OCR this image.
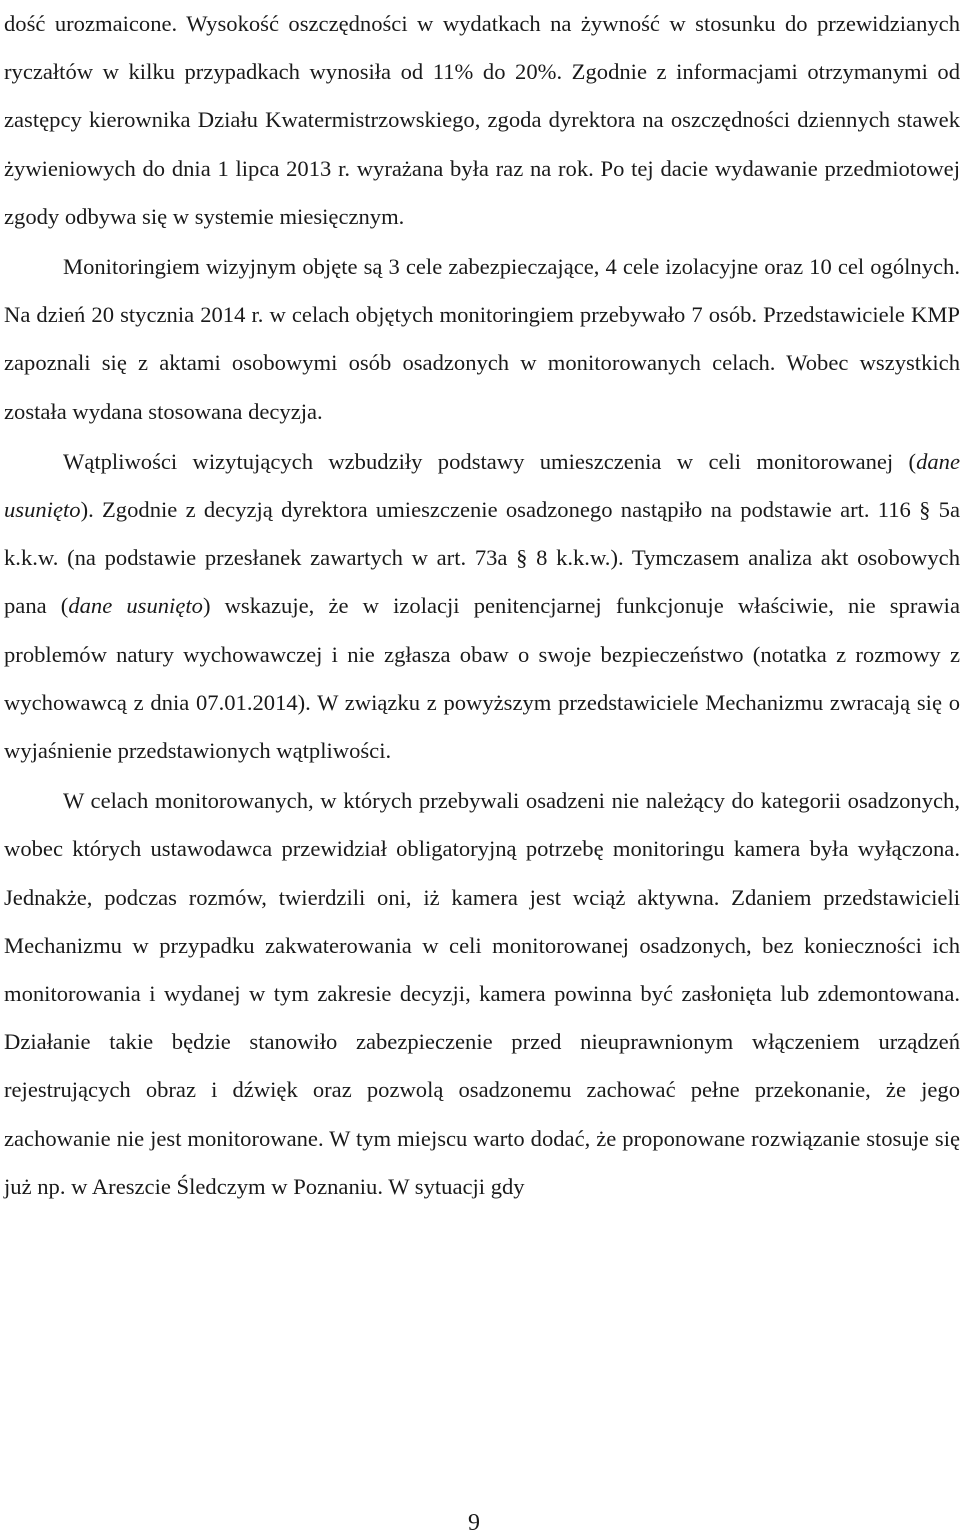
dość urozmaicone. Wysokość oszczędności w wydatkach na żywność w stosunku do przewidzianych ryczałtów w kilku przypadkach wynosiła od 11% do 20%. Zgodnie z informacjami otrzymanymi od zastępcy kierownika Działu Kwatermistrzowskiego, zgoda dyrektora na oszczędności dziennych stawek żywieniowych do dnia 1 lipca 2013 r. wyrażana była raz na rok. Po tej dacie wydawanie przedmiotowej zgody odbywa się w systemie miesięcznym.

Monitoringiem wizyjnym objęte są 3 cele zabezpieczające, 4 cele izolacyjne oraz 10 cel ogólnych. Na dzień 20 stycznia 2014 r. w celach objętych monitoringiem przebywało 7 osób. Przedstawiciele KMP zapoznali się z aktami osobowymi osób osadzonych w monitorowanych celach. Wobec wszystkich została wydana stosowana decyzja.

Wątpliwości wizytujących wzbudziły podstawy umieszczenia w celi monitorowanej (dane usunięto). Zgodnie z decyzją dyrektora umieszczenie osadzonego nastąpiło na podstawie art. 116 § 5a k.k.w. (na podstawie przesłanek zawartych w art. 73a § 8 k.k.w.). Tymczasem analiza akt osobowych pana (dane usunięto) wskazuje, że w izolacji penitencjarnej funkcjonuje właściwie, nie sprawia problemów natury wychowawczej i nie zgłasza obaw o swoje bezpieczeństwo (notatka z rozmowy z wychowawcą z dnia 07.01.2014). W związku z powyższym przedstawiciele Mechanizmu zwracają się o wyjaśnienie przedstawionych wątpliwości.

W celach monitorowanych, w których przebywali osadzeni nie należący do kategorii osadzonych, wobec których ustawodawca przewidział obligatoryjną potrzebę monitoringu kamera była wyłączona. Jednakże, podczas rozmów, twierdzili oni, iż kamera jest wciąż aktywna. Zdaniem przedstawicieli Mechanizmu w przypadku zakwaterowania w celi monitorowanej osadzonych, bez konieczności ich monitorowania i wydanej w tym zakresie decyzji, kamera powinna być zasłonięta lub zdemontowana. Działanie takie będzie stanowiło zabezpieczenie przed nieuprawnionym włączeniem urządzeń rejestrujących obraz i dźwięk oraz pozwolą osadzonemu zachować pełne przekonanie, że jego zachowanie nie jest monitorowane. W tym miejscu warto dodać, że proponowane rozwiązanie stosuje się już np. w Areszcie Śledczym w Poznaniu. W sytuacji gdy

9
